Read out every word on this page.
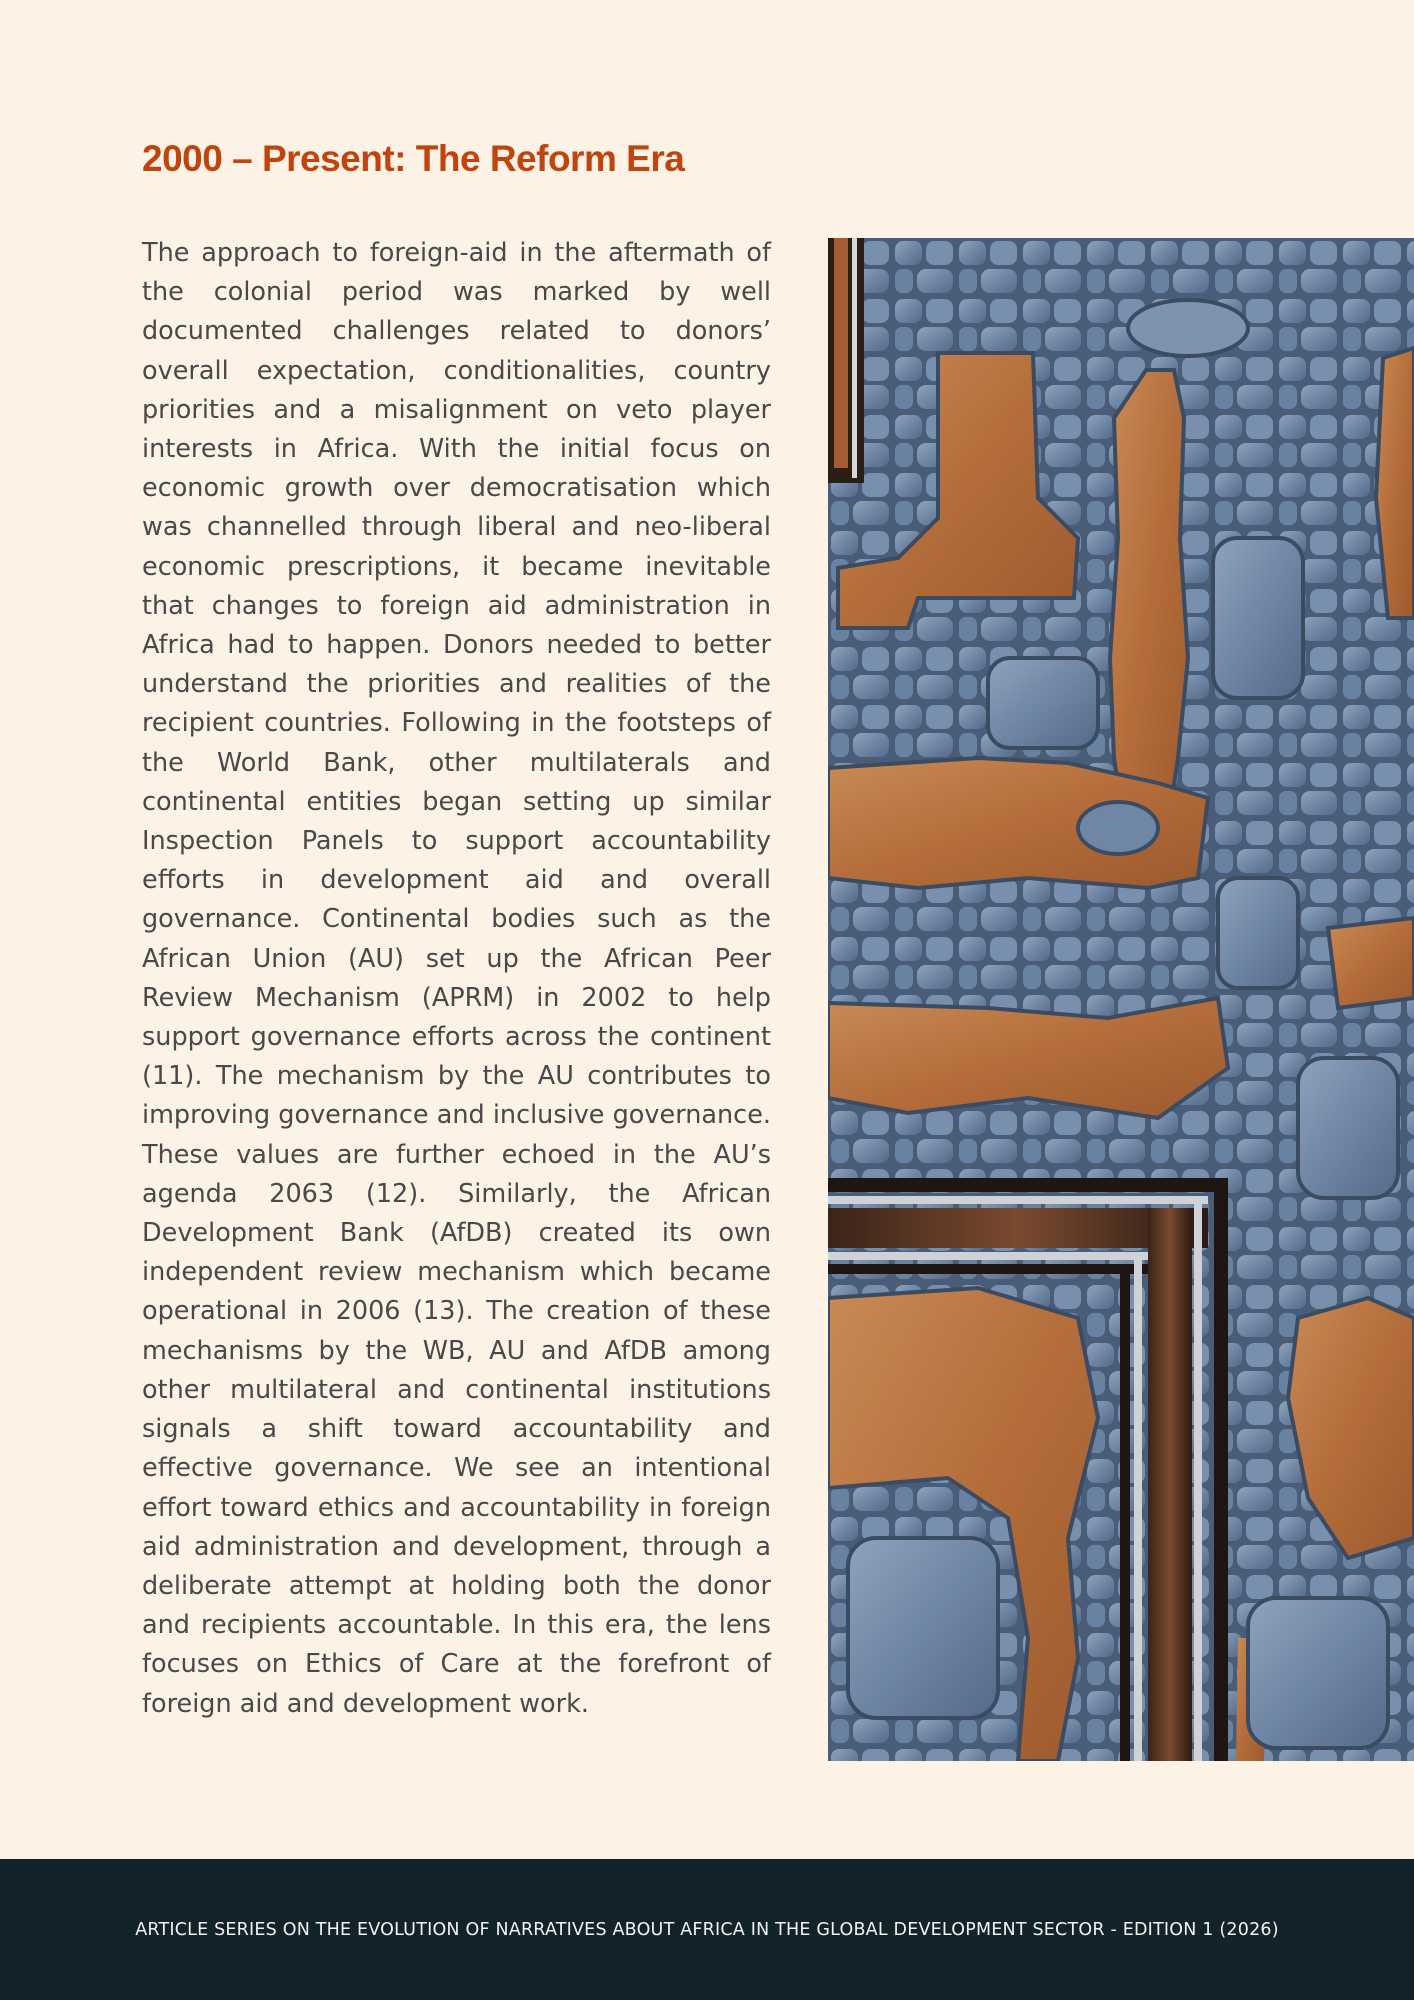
2000 – Present: The Reform Era

The approach to foreign-aid in the aftermath of the colonial period was marked by well documented challenges related to donors’ overall expectation, conditionalities, country priorities and a misalignment on veto player interests in Africa. With the initial focus on economic growth over democratisation which was channelled through liberal and neo-liberal economic prescriptions, it became inevitable that changes to foreign aid administration in Africa had to happen. Donors needed to better understand the priorities and realities of the recipient countries. Following in the footsteps of the World Bank, other multilaterals and continental entities began setting up similar Inspection Panels to support accountability efforts in development aid and overall governance. Continental bodies such as the African Union (AU) set up the African Peer Review Mechanism (APRM) in 2002 to help support governance efforts across the continent (11). The mechanism by the AU contributes to improving governance and inclusive governance. These values are further echoed in the AU’s agenda 2063 (12). Similarly, the African Development Bank (AfDB) created its own independent review mechanism which became operational in 2006 (13). The creation of these mechanisms by the WB, AU and AfDB among other multilateral and continental institutions signals a shift toward accountability and effective governance. We see an intentional effort toward ethics and accountability in foreign aid administration and development, through a deliberate attempt at holding both the donor and recipients accountable. In this era, the lens focuses on Ethics of Care at the forefront of foreign aid and development work.

ARTICLE SERIES ON THE EVOLUTION OF NARRATIVES ABOUT AFRICA IN THE GLOBAL DEVELOPMENT SECTOR - EDITION 1 (2026)
